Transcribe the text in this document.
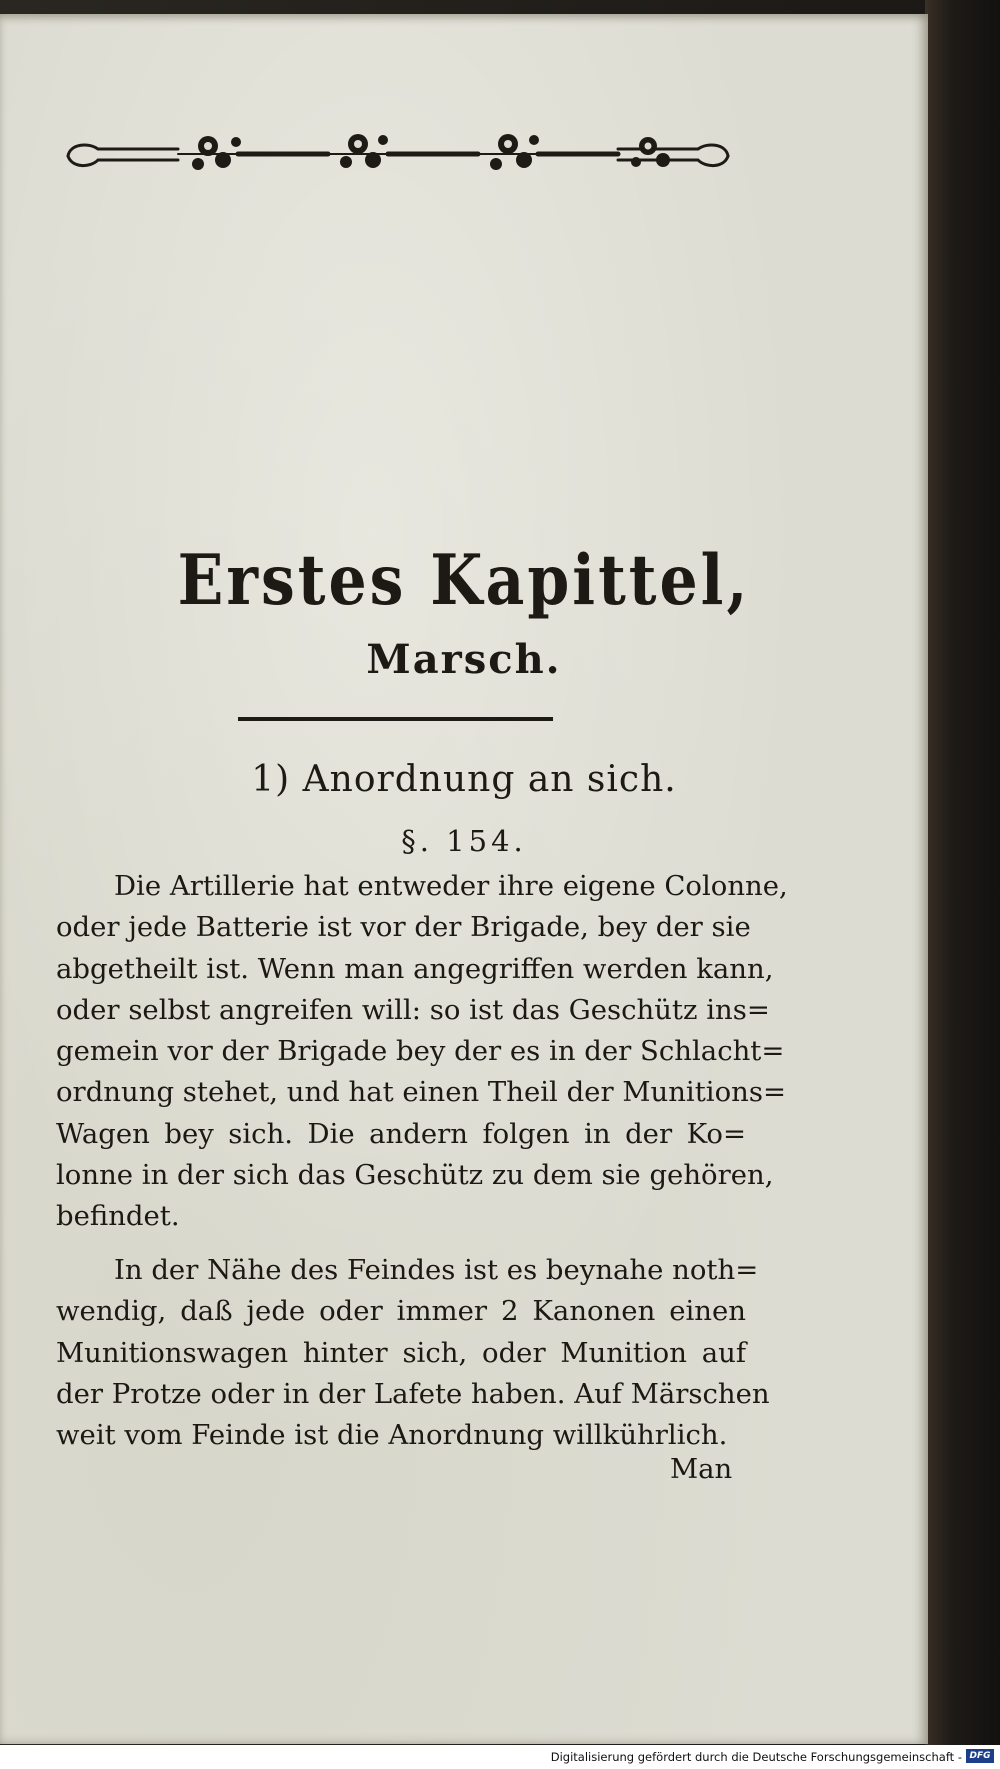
Erstes Kapittel,
Marsch.
1) Anordnung an sich.
§. 154.
Die Artillerie hat entweder ihre eigene Colonne,
oder jede Batterie ist vor der Brigade, bey der sie
abgetheilt ist. Wenn man angegriffen werden kann,
oder selbst angreifen will: so ist das Geschütz ins=
gemein vor der Brigade bey der es in der Schlacht=
ordnung stehet, und hat einen Theil der Munitions=
Wagen bey sich. Die andern folgen in der Ko=
lonne in der sich das Geschütz zu dem sie gehören,
befindet.
In der Nähe des Feindes ist es beynahe noth=
wendig, daß jede oder immer 2 Kanonen einen
Munitionswagen hinter sich, oder Munition auf
der Protze oder in der Lafete haben. Auf Märschen
weit vom Feinde ist die Anordnung willkührlich.
Man
Digitalisierung gefördert durch die Deutsche Forschungsgemeinschaft - DFG
